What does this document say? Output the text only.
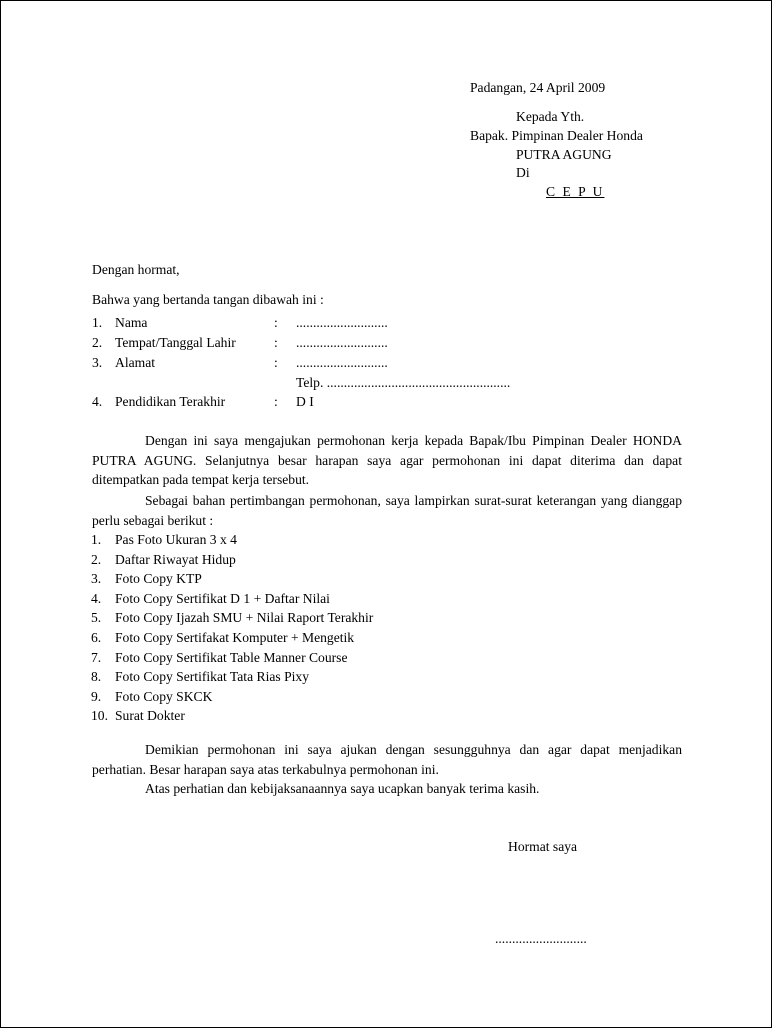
Padangan, 24 April 2009
Kepada Yth.
Bapak. Pimpinan Dealer Honda
PUTRA AGUNG
Di
C E P U
Dengan hormat,
Bahwa yang bertanda tangan dibawah ini :
1. Nama	: ...........................
2. Tempat/Tanggal Lahir	: ...........................
3. Alamat	: ...........................
Telp. ......................................................
4. Pendidikan Terakhir	: D I
Dengan ini saya mengajukan permohonan kerja kepada Bapak/Ibu Pimpinan Dealer HONDA PUTRA AGUNG. Selanjutnya besar harapan saya agar permohonan ini dapat diterima dan dapat ditempatkan pada tempat kerja tersebut.
Sebagai bahan pertimbangan permohonan, saya lampirkan surat-surat keterangan yang dianggap perlu sebagai berikut :
1. Pas Foto Ukuran 3 x 4
2. Daftar Riwayat Hidup
3. Foto Copy KTP
4. Foto Copy Sertifikat D 1 + Daftar Nilai
5. Foto Copy Ijazah SMU + Nilai Raport Terakhir
6. Foto Copy Sertifakat Komputer + Mengetik
7. Foto Copy Sertifikat Table Manner Course
8. Foto Copy Sertifikat Tata Rias Pixy
9. Foto Copy SKCK
10. Surat Dokter
Demikian permohonan ini saya ajukan dengan sesungguhnya dan agar dapat menjadikan perhatian. Besar harapan saya atas terkabulnya permohonan ini.
Atas perhatian dan kebijaksanaannya saya ucapkan banyak terima kasih.
Hormat saya
...........................
